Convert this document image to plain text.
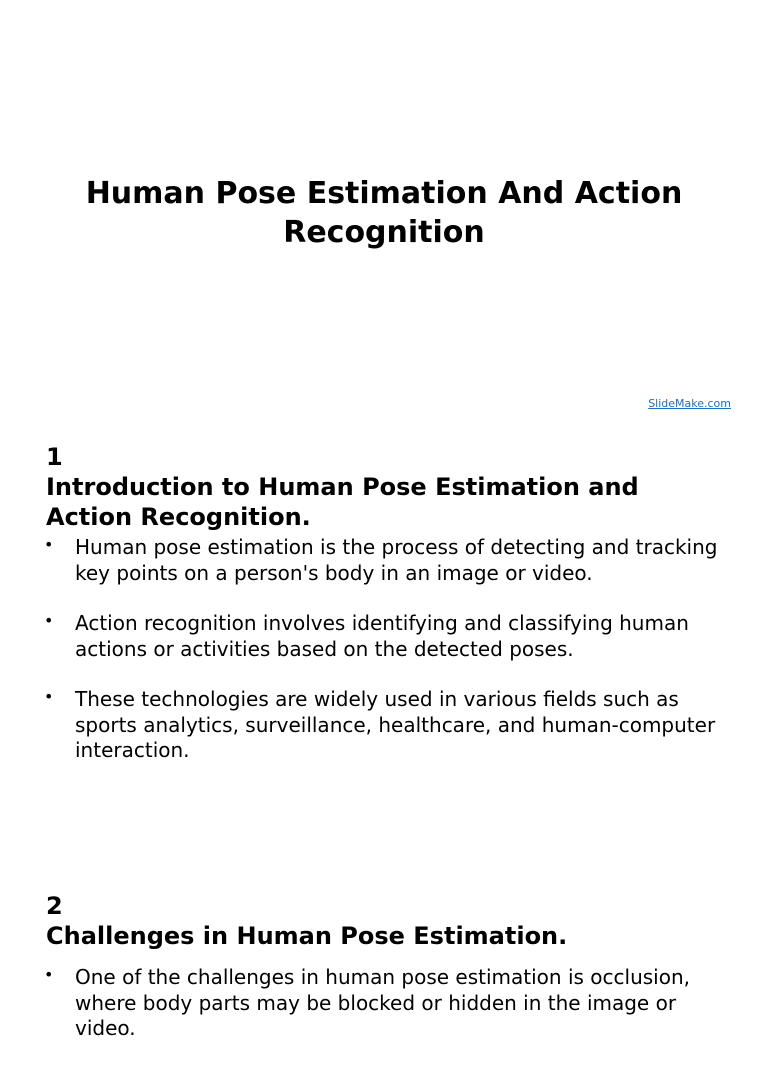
Human Pose Estimation And Action Recognition
SlideMake.com

1

Introduction to Human Pose Estimation and Action Recognition.

• Human pose estimation is the process of detecting and tracking key points on a person's body in an image or video.
• Action recognition involves identifying and classifying human actions or activities based on the detected poses.
• These technologies are widely used in various fields such as sports analytics, surveillance, healthcare, and human-computer interaction.

2

Challenges in Human Pose Estimation.

• One of the challenges in human pose estimation is occlusion, where body parts may be blocked or hidden in the image or video.
